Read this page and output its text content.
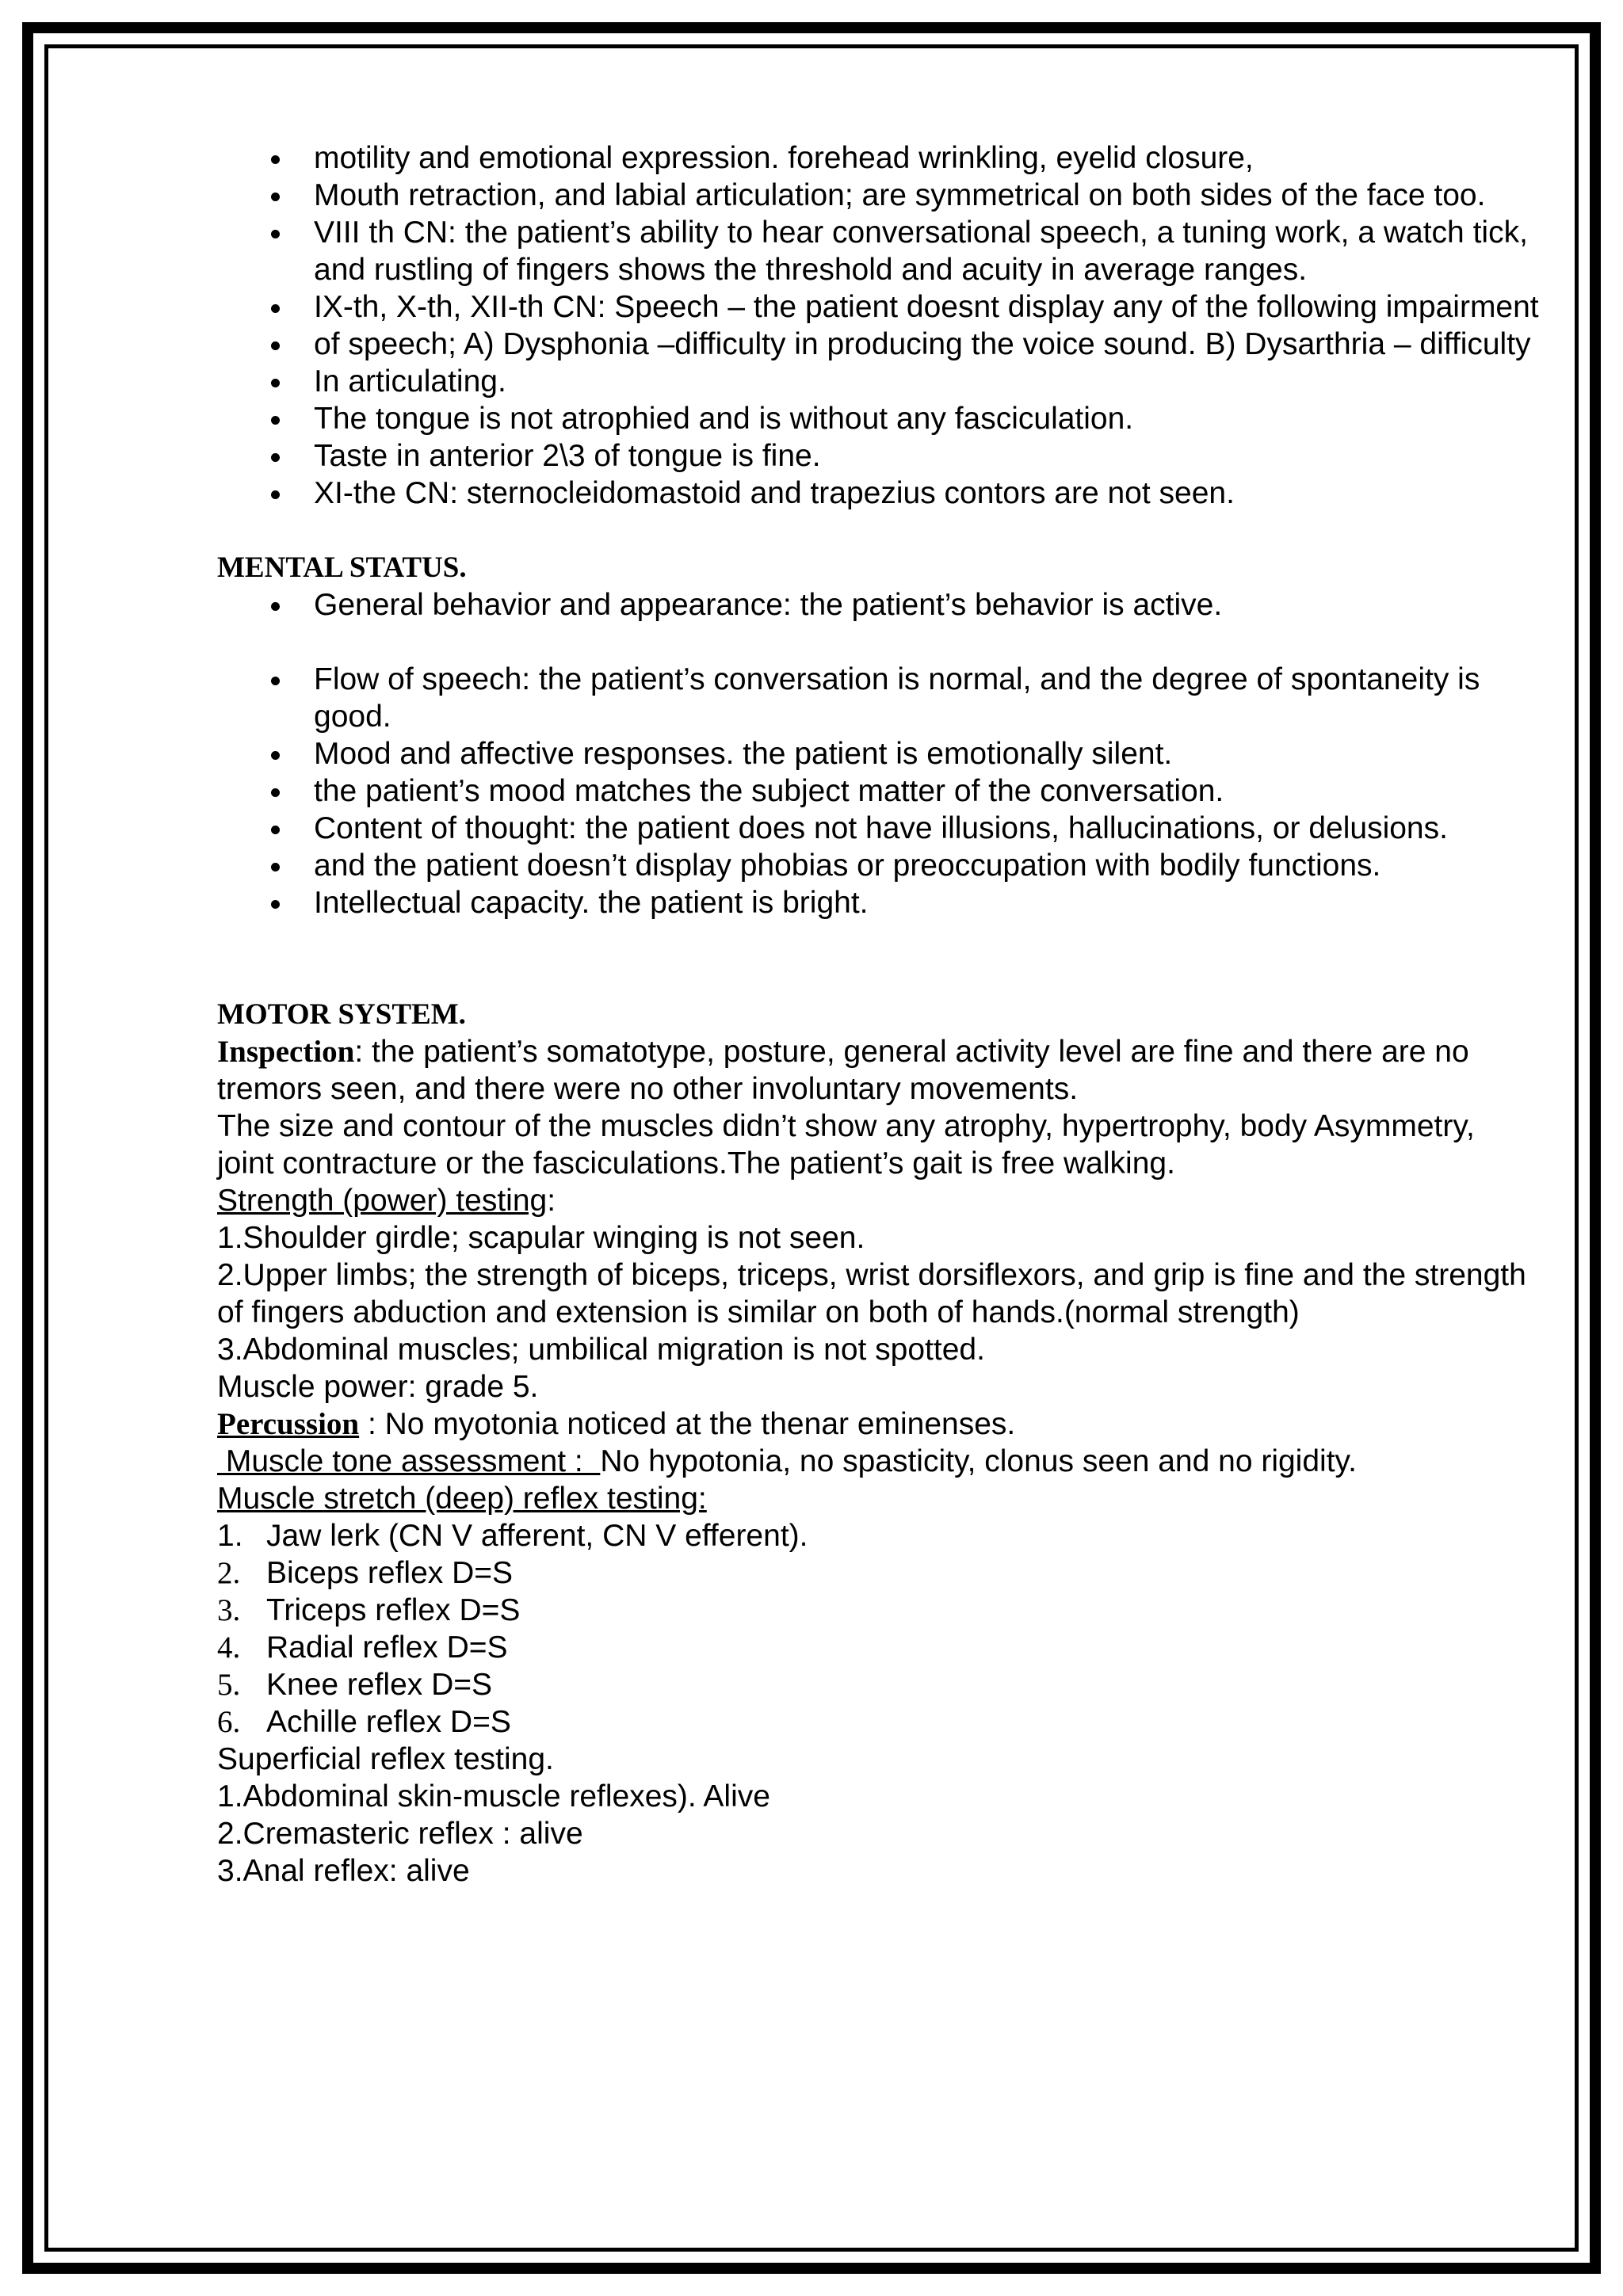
motility and emotional expression. forehead wrinkling, eyelid closure,
Mouth retraction, and labial articulation; are symmetrical on both sides of the face too.
VIII th CN: the patient’s ability to hear conversational speech, a tuning work, a watch tick, and rustling of fingers shows the threshold and acuity in average ranges.
IX-th, X-th, XII-th CN: Speech – the patient doesnt display any of the following impairment
of speech; A) Dysphonia –difficulty in producing the voice sound. B) Dysarthria – difficulty
In articulating.
The tongue is not atrophied and is without any fasciculation.
Taste in anterior 2\3 of tongue is fine.
XI-the CN: sternocleidomastoid and trapezius contors are not seen.
MENTAL STATUS.
General behavior and appearance: the patient’s behavior is active.
Flow of speech: the patient’s conversation is normal, and the degree of spontaneity is good.
Mood and affective responses. the patient is emotionally silent.
the patient’s mood matches the subject matter of the conversation.
Content of thought: the patient does not have illusions, hallucinations, or delusions.
and the patient doesn’t display phobias or preoccupation with bodily functions.
Intellectual capacity. the patient is bright.
MOTOR SYSTEM.
Inspection: the patient’s somatotype, posture, general activity level are fine and there are no tremors seen, and there were no other involuntary movements.
The size and contour of the muscles didn’t show any atrophy, hypertrophy, body Asymmetry, joint contracture or the fasciculations.The patient’s gait is free walking.
Strength (power) testing:
1.Shoulder girdle; scapular winging is not seen.
2.Upper limbs; the strength of biceps, triceps, wrist dorsiflexors, and grip is fine and the strength of fingers abduction and extension is similar on both of hands.(normal strength)
3.Abdominal muscles; umbilical migration is not spotted.
Muscle power: grade 5.
Percussion : No myotonia noticed at the thenar eminenses.
Muscle tone assessment :  No hypotonia, no spasticity, clonus seen and no rigidity.
Muscle stretch (deep) reflex testing:
1. Jaw lerk (CN V afferent, CN V efferent).
2. Biceps reflex D=S
3. Triceps reflex D=S
4. Radial reflex D=S
5. Knee reflex D=S
6. Achille reflex D=S
Superficial reflex testing.
1.Abdominal skin-muscle reflexes). Alive
2.Cremasteric reflex : alive
3.Anal reflex: alive
